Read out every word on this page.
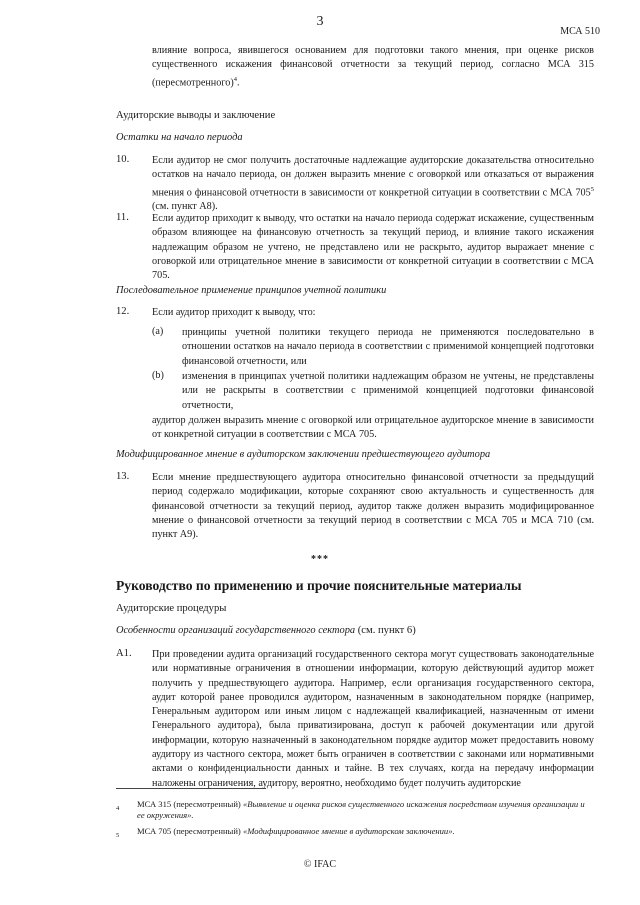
3
МСА 510

влияние вопроса, явившегося основанием для подготовки такого мнения, при оценке рисков существенного искажения финансовой отчетности за текущий период, согласно МСА 315 (пересмотренного)$^4$.

Аудиторские выводы и заключение

Остатки на начало периода

10. Если аудитор не смог получить достаточные надлежащие аудиторские доказательства относительно остатков на начало периода, он должен выразить мнение с оговоркой или отказаться от выражения мнения о финансовой отчетности в зависимости от конкретной ситуации в соответствии с МСА 705$^5$ (см. пункт А8).

11. Если аудитор приходит к выводу, что остатки на начало периода содержат искажение, существенным образом влияющее на финансовую отчетность за текущий период, и влияние такого искажения надлежащим образом не учтено, не представлено или не раскрыто, аудитор выражает мнение с оговоркой или отрицательное мнение в зависимости от конкретной ситуации в соответствии с МСА 705.

Последовательное применение принципов учетной политики

12. Если аудитор приходит к выводу, что:

(a) принципы учетной политики текущего периода не применяются последовательно в отношении остатков на начало периода в соответствии с применимой концепцией подготовки финансовой отчетности, или

(b) изменения в принципах учетной политики надлежащим образом не учтены, не представлены или не раскрыты в соответствии с применимой концепцией подготовки финансовой отчетности,

аудитор должен выразить мнение с оговоркой или отрицательное аудиторское мнение в зависимости от конкретной ситуации в соответствии с МСА 705.

Модифицированное мнение в аудиторском заключении предшествующего аудитора

13. Если мнение предшествующего аудитора относительно финансовой отчетности за предыдущий период содержало модификации, которые сохраняют свою актуальность и существенность для финансовой отчетности за текущий период, аудитор также должен выразить модифицированное мнение о финансовой отчетности за текущий период в соответствии с МСА 705 и МСА 710 (см. пункт А9).

***
Руководство по применению и прочие пояснительные материалы

Аудиторские процедуры

Особенности организаций государственного сектора (см. пункт 6)

А1. При проведении аудита организаций государственного сектора могут существовать законодательные или нормативные ограничения в отношении информации, которую действующий аудитор может получить у предшествующего аудитора. Например, если организация государственного сектора, аудит которой ранее проводился аудитором, назначенным в законодательном порядке (например, Генеральным аудитором или иным лицом с надлежащей квалификацией, назначенным от имени Генерального аудитора), была приватизирована, доступ к рабочей документации или другой информации, которую назначенный в законодательном порядке аудитор может предоставить новому аудитору из частного сектора, может быть ограничен в соответствии с законами или нормативными актами о конфиденциальности данных и тайне. В тех случаях, когда на передачу информации наложены ограничения, аудитору, вероятно, необходимо будет получить аудиторские

4 МСА 315 (пересмотренный) «Выявление и оценка рисков существенного искажения посредством изучения организации и ее окружения».

5 МСА 705 (пересмотренный) «Модифицированное мнение в аудиторском заключении».

© IFAC
